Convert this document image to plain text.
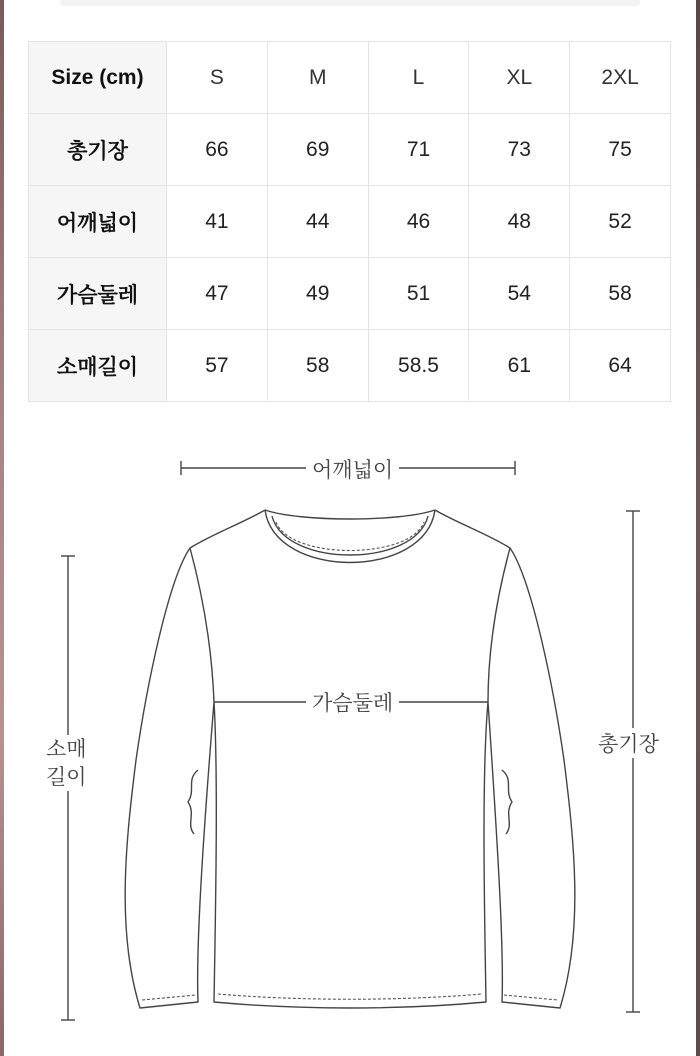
Size (cm)	S	M	L	XL	2XL
총기장	66	69	71	73	75
어깨넓이	41	44	46	48	52
가슴둘레	47	49	51	54	58
소매길이	57	58	58.5	61	64
어깨넓이
가슴둘레
총기장
소매
길이
